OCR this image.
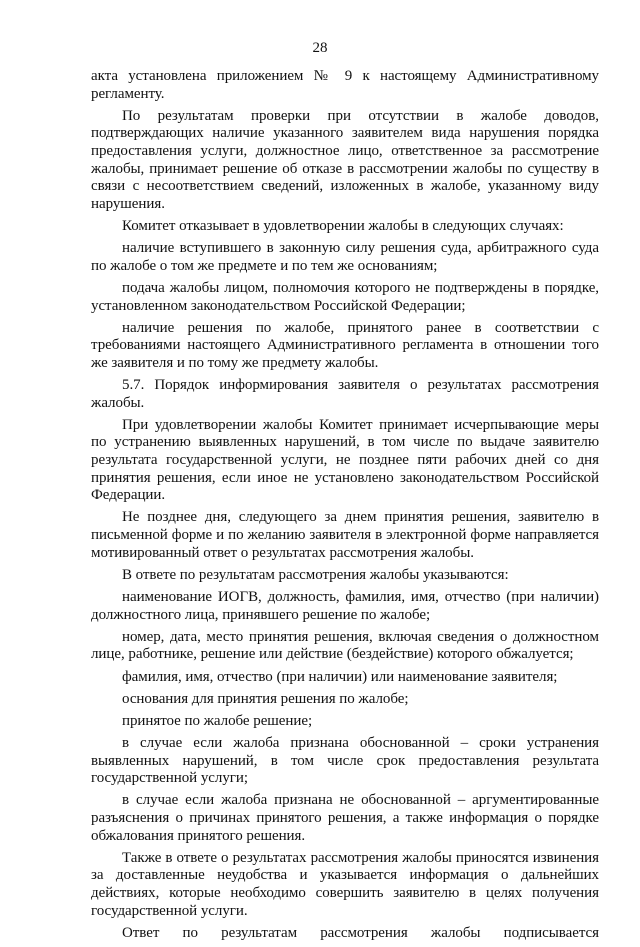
28

акта установлена приложением № 9 к настоящему Административному регламенту.

По результатам проверки при отсутствии в жалобе доводов, подтверждающих наличие указанного заявителем вида нарушения порядка предоставления услуги, должностное лицо, ответственное за рассмотрение жалобы, принимает решение об отказе в рассмотрении жалобы по существу в связи с несоответствием сведений, изложенных в жалобе, указанному виду нарушения.

Комитет отказывает в удовлетворении жалобы в следующих случаях:

наличие вступившего в законную силу решения суда, арбитражного суда по жалобе о том же предмете и по тем же основаниям;

подача жалобы лицом, полномочия которого не подтверждены в порядке, установленном законодательством Российской Федерации;

наличие решения по жалобе, принятого ранее в соответствии с требованиями настоящего Административного регламента в отношении того же заявителя и по тому же предмету жалобы.

5.7. Порядок информирования заявителя о результатах рассмотрения жалобы.

При удовлетворении жалобы Комитет принимает исчерпывающие меры по устранению выявленных нарушений, в том числе по выдаче заявителю результата государственной услуги, не позднее пяти рабочих дней со дня принятия решения, если иное не установлено законодательством Российской Федерации.

Не позднее дня, следующего за днем принятия решения, заявителю в письменной форме и по желанию заявителя в электронной форме направляется мотивированный ответ о результатах рассмотрения жалобы.

В ответе по результатам рассмотрения жалобы указываются:

наименование ИОГВ, должность, фамилия, имя, отчество (при наличии) должностного лица, принявшего решение по жалобе;

номер, дата, место принятия решения, включая сведения о должностном лице, работнике, решение или действие (бездействие) которого обжалуется;

фамилия, имя, отчество (при наличии) или наименование заявителя;

основания для принятия решения по жалобе;

принятое по жалобе решение;

в случае если жалоба признана обоснованной – сроки устранения выявленных нарушений, в том числе срок предоставления результата государственной услуги;

в случае если жалоба признана не обоснованной – аргументированные разъяснения о причинах принятого решения, а также информация о порядке обжалования принятого решения.

Также в ответе о результатах рассмотрения жалобы приносятся извинения за доставленные неудобства и указывается информация о дальнейших действиях, которые необходимо совершить заявителю в целях получения государственной услуги.

Ответ по результатам рассмотрения жалобы подписывается
